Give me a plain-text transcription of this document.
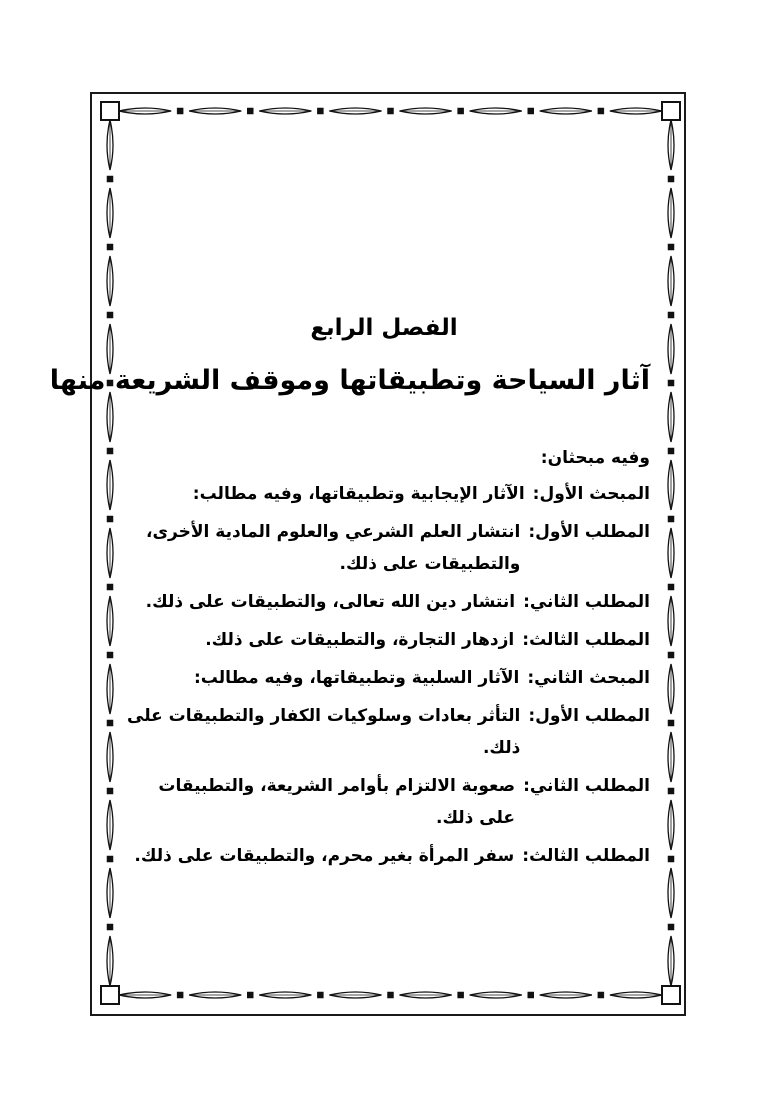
الفصل الرابع
آثار السياحة وتطبيقاتها وموقف الشريعة منها
وفيه مبحثان:
المبحث الأول:
الآثار الإيجابية وتطبيقاتها، وفيه مطالب:
المطلب الأول:
انتشار العلم الشرعي والعلوم المادية الأخرى،
والتطبيقات على ذلك.
المطلب الثاني:
انتشار دين الله تعالى، والتطبيقات على ذلك.
المطلب الثالث:
ازدهار التجارة، والتطبيقات على ذلك.
المبحث الثاني:
الآثار السلبية وتطبيقاتها، وفيه مطالب:
المطلب الأول:
التأثر بعادات وسلوكيات الكفار والتطبيقات على ذلك.
المطلب الثاني:
صعوبة الالتزام بأوامر الشريعة، والتطبيقات على ذلك.
المطلب الثالث:
سفر المرأة بغير محرم، والتطبيقات على ذلك.
